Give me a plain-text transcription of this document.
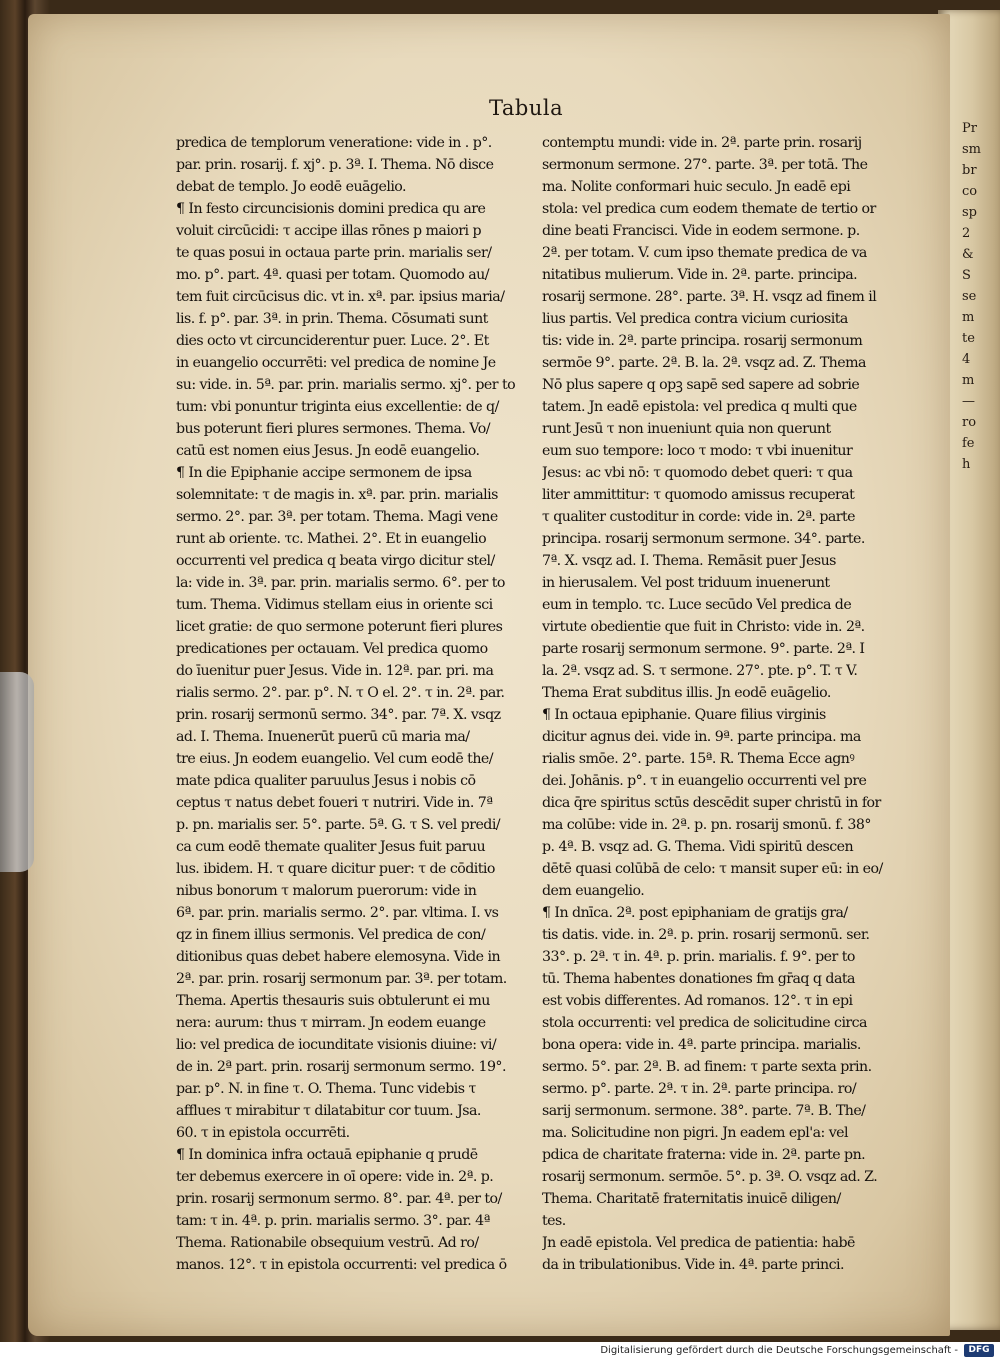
Pr
sm
br
co
sp
2
&
S
se
m
te
4
m
—
ro
fe
h
Tabula
predica de templorum veneratione: vide in . p°.
par. prin. rosarij. f. xj°. p. 3ª. I. Thema. Nō disce
debat de templo. Jo eodē euāgelio.
¶ In festo circuncisionis domini predica qu are
voluit circūcidi: τ accipe illas rōnes p maiori p
te quas posui in octaua parte prin. marialis ser/
mo. p°. part. 4ª. quasi per totam. Quomodo au/
tem fuit circūcisus dic. vt in. xª. par. ipsius maria/
lis. f. p°. par. 3ª. in prin. Thema. Cōsumati sunt
dies octo vt circunciderentur puer. Luce. 2°. Et
in euangelio occurrēti: vel predica de nomine Je
su: vide. in. 5ª. par. prin. marialis sermo. xj°. per to
tum: vbi ponuntur triginta eius excellentie: de q/
bus poterunt fieri plures sermones. Thema. Vo/
catū est nomen eius Jesus. Jn eodē euangelio.
¶ In die Epiphanie accipe sermonem de ipsa
solemnitate: τ de magis in. xª. par. prin. marialis
sermo. 2°. par. 3ª. per totam. Thema. Magi vene
runt ab oriente. τc. Mathei. 2°. Et in euangelio
occurrenti vel predica q beata virgo dicitur stel/
la: vide in. 3ª. par. prin. marialis sermo. 6°. per to
tum. Thema. Vidimus stellam eius in oriente sci
licet gratie: de quo sermone poterunt fieri plures
predicationes per octauam. Vel predica quomo
do īuenitur puer Jesus. Vide in. 12ª. par. pri. ma
rialis sermo. 2°. par. p°. N. τ O el. 2°. τ in. 2ª. par.
prin. rosarij sermonū sermo. 34°. par. 7ª. X. vsqz
ad. I. Thema. Inuenerūt puerū cū maria ma/
tre eius. Jn eodem euangelio. Vel cum eodē the/
mate pdica qualiter paruulus Jesus i nobis cō
ceptus τ natus debet foueri τ nutriri. Vide in. 7ª
p. pn. marialis ser. 5°. parte. 5ª. G. τ S. vel predi/
ca cum eodē themate qualiter Jesus fuit paruu
lus. ibidem. H. τ quare dicitur puer: τ de cōditio
nibus bonorum τ malorum puerorum: vide in
6ª. par. prin. marialis sermo. 2°. par. vltima. I. vs
qz in finem illius sermonis. Vel predica de con/
ditionibus quas debet habere elemosyna. Vide in
2ª. par. prin. rosarij sermonum par. 3ª. per totam.
Thema. Apertis thesauris suis obtulerunt ei mu
nera: aurum: thus τ mirram. Jn eodem euange
lio: vel predica de iocunditate visionis diuine: vi/
de in. 2ª part. prin. rosarij sermonum sermo. 19°.
par. p°. N. in fine τ. O. Thema. Tunc videbis τ
afflues τ mirabitur τ dilatabitur cor tuum. Jsa.
60. τ in epistola occurrēti.
¶ In dominica infra octauā epiphanie q prudē
ter debemus exercere in oī opere: vide in. 2ª. p.
prin. rosarij sermonum sermo. 8°. par. 4ª. per to/
tam: τ in. 4ª. p. prin. marialis sermo. 3°. par. 4ª
Thema. Rationabile obsequium vestrū. Ad ro/
manos. 12°. τ in epistola occurrenti: vel predica ō
contemptu mundi: vide in. 2ª. parte prin. rosarij
sermonum sermone. 27°. parte. 3ª. per totā. The
ma. Nolite conformari huic seculo. Jn eadē epi
stola: vel predica cum eodem themate de tertio or
dine beati Francisci. Vide in eodem sermone. p.
2ª. per totam. V. cum ipso themate predica de va
nitatibus mulierum. Vide in. 2ª. parte. principa.
rosarij sermone. 28°. parte. 3ª. H. vsqz ad finem il
lius partis. Vel predica contra vicium curiosita
tis: vide in. 2ª. parte principa. rosarij sermonum
sermōe 9°. parte. 2ª. B. la. 2ª. vsqz ad. Z. Thema
Nō plus sapere q opꝫ sapē sed sapere ad sobrie
tatem. Jn eadē epistola: vel predica q multi que
runt Jesū τ non inueniunt quia non querunt
eum suo tempore: loco τ modo: τ vbi inuenitur
Jesus: ac vbi nō: τ quomodo debet queri: τ qua
liter ammittitur: τ quomodo amissus recuperat
τ qualiter custoditur in corde: vide in. 2ª. parte
principa. rosarij sermonum sermone. 34°. parte.
7ª. X. vsqz ad. I. Thema. Remāsit puer Jesus
in hierusalem. Vel post triduum inuenerunt
eum in templo. τc. Luce secūdo Vel predica de
virtute obedientie que fuit in Christo: vide in. 2ª.
parte rosarij sermonum sermone. 9°. parte. 2ª. I
la. 2ª. vsqz ad. S. τ sermone. 27°. pte. p°. T. τ V.
Thema Erat subditus illis. Jn eodē euāgelio.
¶ In octaua epiphanie. Quare filius virginis
dicitur agnus dei. vide in. 9ª. parte principa. ma
rialis smōe. 2°. parte. 15ª. R. Thema Ecce agnꝰ
dei. Johānis. p°. τ in euangelio occurrenti vel pre
dica q̄re spiritus sctūs descēdit super christū in for
ma colūbe: vide in. 2ª. p. pn. rosarij smonū. f. 38°
p. 4ª. B. vsqz ad. G. Thema. Vidi spiritū descen
dētē quasi colūbā de celo: τ mansit super eū: in eo/
dem euangelio.
¶ In dnīca. 2ª. post epiphaniam de gratijs gra/
tis datis. vide. in. 2ª. p. prin. rosarij sermonū. ser.
33°. p. 2ª. τ in. 4ª. p. prin. marialis. f. 9°. per to
tū. Thema habentes donationes fm gr̄aq q data
est vobis differentes. Ad romanos. 12°. τ in epi
stola occurrenti: vel predica de solicitudine circa
bona opera: vide in. 4ª. parte principa. marialis.
sermo. 5°. par. 2ª. B. ad finem: τ parte sexta prin.
sermo. p°. parte. 2ª. τ in. 2ª. parte principa. ro/
sarij sermonum. sermone. 38°. parte. 7ª. B. The/
ma. Solicitudine non pigri. Jn eadem epl'a: vel
pdica de charitate fraterna: vide in. 2ª. parte pn.
rosarij sermonum. sermōe. 5°. p. 3ª. O. vsqz ad. Z.
Thema. Charitatē fraternitatis inuicē diligen/
tes.
Jn eadē epistola. Vel predica de patientia: habē
da in tribulationibus. Vide in. 4ª. parte princi.
Digitalisierung gefördert durch die Deutsche Forschungsgemeinschaft -	DFG
